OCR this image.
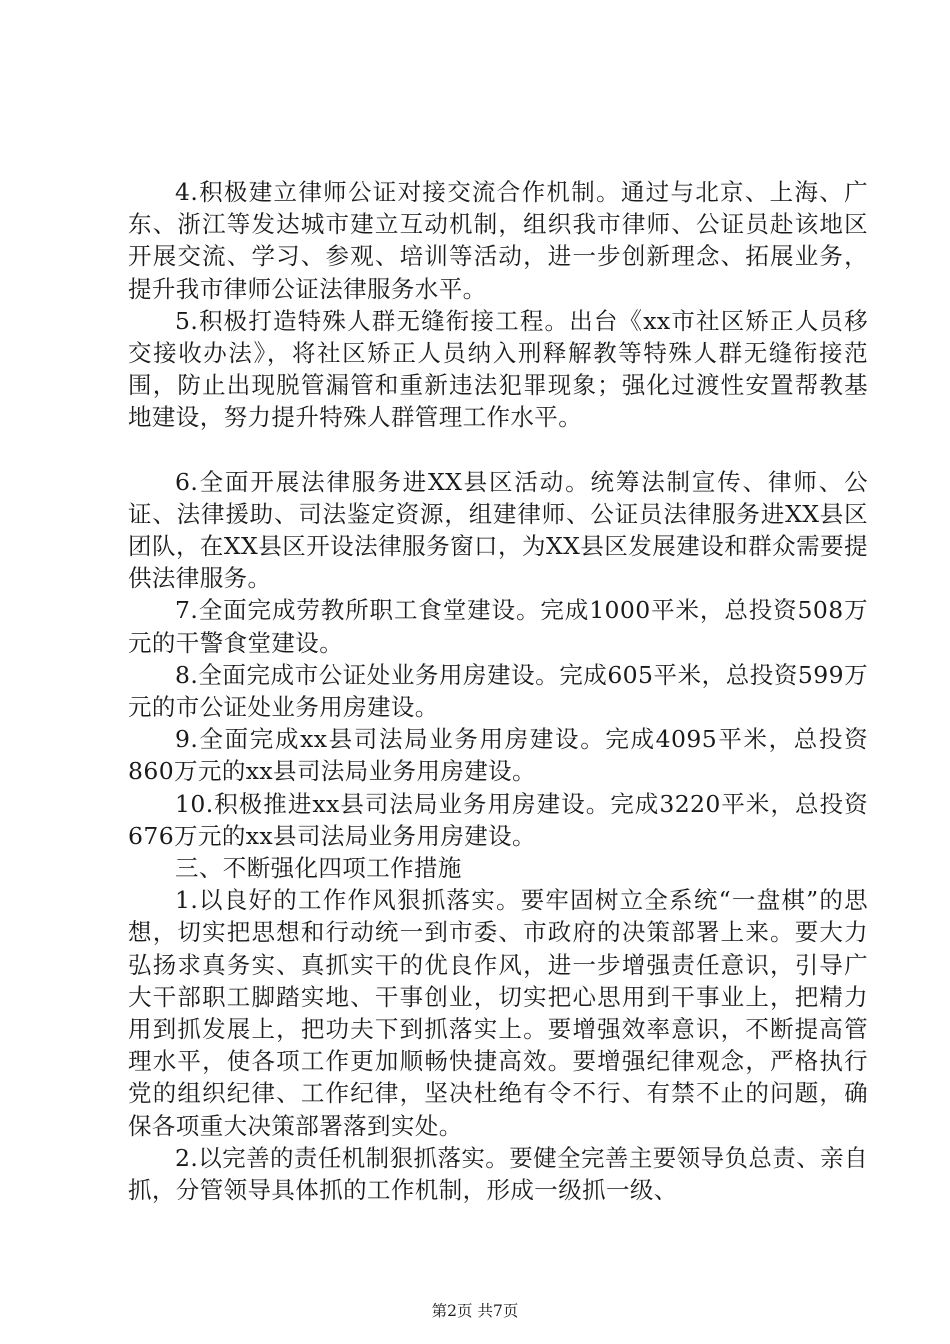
4.积极建立律师公证对接交流合作机制。通过与北京、上海、广东、浙江等发达城市建立互动机制，组织我市律师、公证员赴该地区开展交流、学习、参观、培训等活动，进一步创新理念、拓展业务，提升我市律师公证法律服务水平。

5.积极打造特殊人群无缝衔接工程。出台《xx市社区矫正人员移交接收办法》，将社区矫正人员纳入刑释解教等特殊人群无缝衔接范围，防止出现脱管漏管和重新违法犯罪现象；强化过渡性安置帮教基地建设，努力提升特殊人群管理工作水平。

6.全面开展法律服务进XX县区活动。统筹法制宣传、律师、公证、法律援助、司法鉴定资源，组建律师、公证员法律服务进XX县区团队，在XX县区开设法律服务窗口，为XX县区发展建设和群众需要提供法律服务。

7.全面完成劳教所职工食堂建设。完成1000平米，总投资508万元的干警食堂建设。

8.全面完成市公证处业务用房建设。完成605平米，总投资599万元的市公证处业务用房建设。

9.全面完成xx县司法局业务用房建设。完成4095平米，总投资860万元的xx县司法局业务用房建设。

10.积极推进xx县司法局业务用房建设。完成3220平米，总投资676万元的xx县司法局业务用房建设。

三、不断强化四项工作措施

1.以良好的工作作风狠抓落实。要牢固树立全系统“一盘棋”的思想，切实把思想和行动统一到市委、市政府的决策部署上来。要大力弘扬求真务实、真抓实干的优良作风，进一步增强责任意识，引导广大干部职工脚踏实地、干事创业，切实把心思用到干事业上，把精力用到抓发展上，把功夫下到抓落实上。要增强效率意识，不断提高管理水平，使各项工作更加顺畅快捷高效。要增强纪律观念，严格执行党的组织纪律、工作纪律，坚决杜绝有令不行、有禁不止的问题，确保各项重大决策部署落到实处。

2.以完善的责任机制狠抓落实。要健全完善主要领导负总责、亲自抓，分管领导具体抓的工作机制，形成一级抓一级、

第2页 共7页
